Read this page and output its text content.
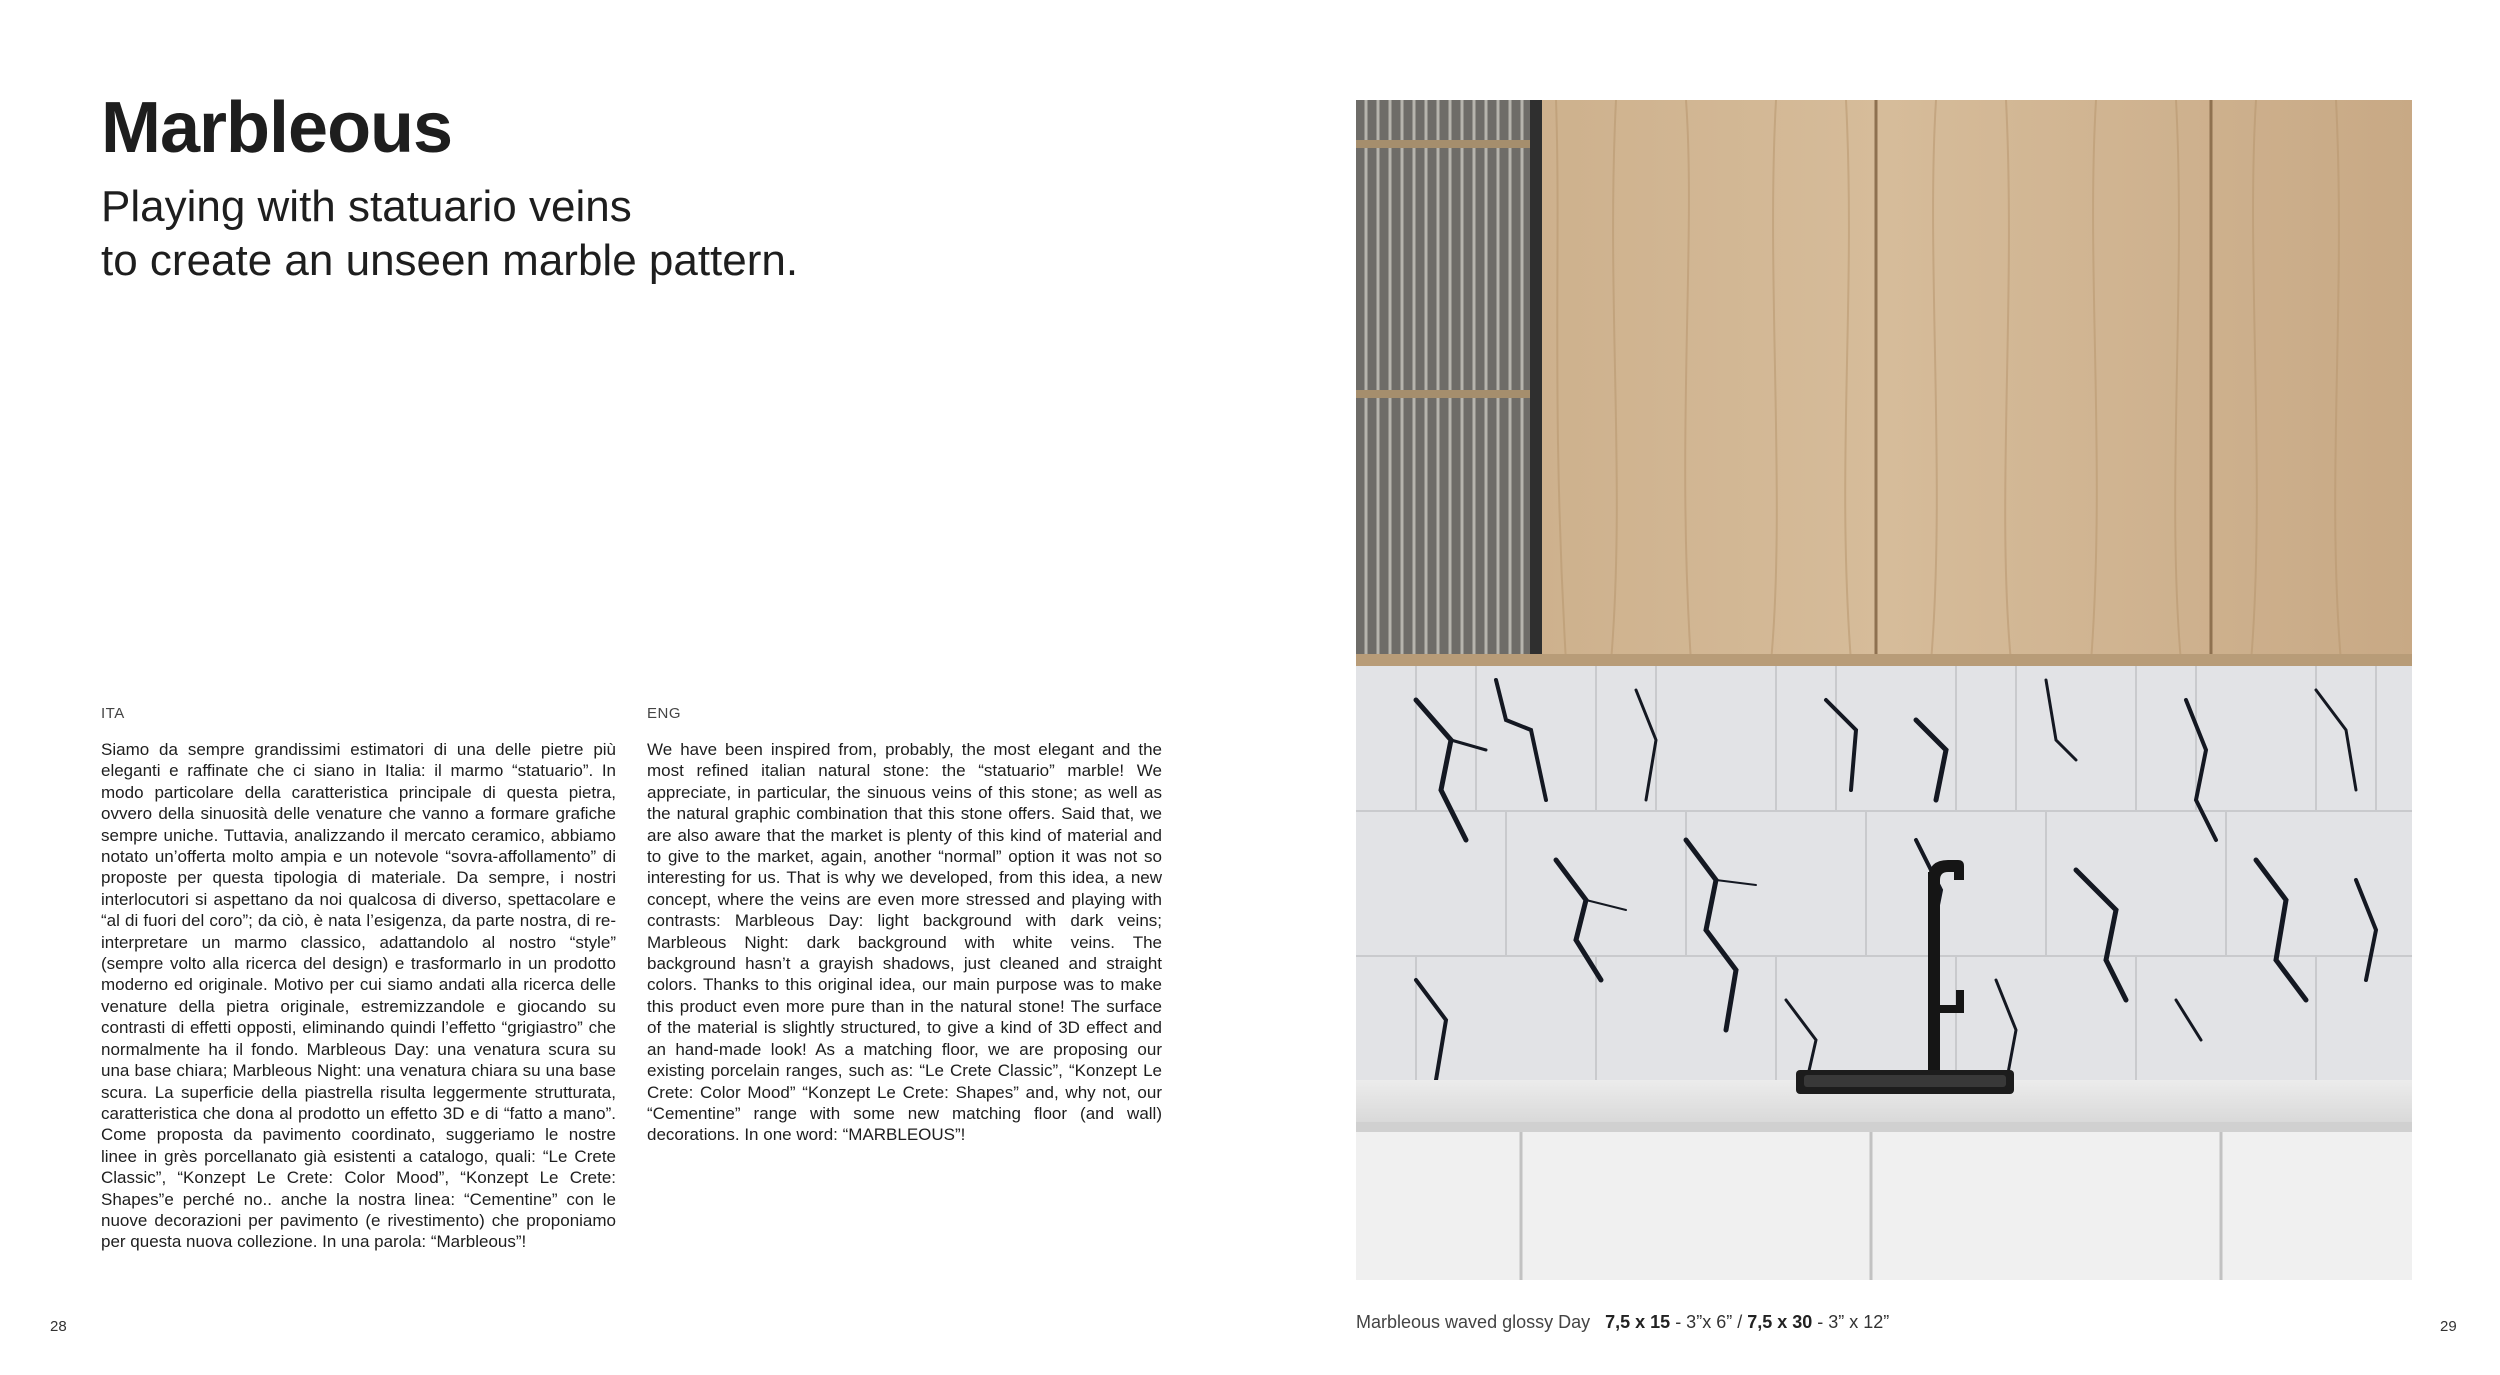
Marbleous
Playing with statuario veins
to create an unseen marble pattern.
ITA

Siamo da sempre grandissimi estimatori di una delle pietre più eleganti e raffinate che ci siano in Italia: il marmo “statuario”. In modo particolare della caratteristica principale di questa pietra, ovvero della sinuosità delle venature che vanno a formare grafiche sempre uniche. Tuttavia, analizzando il mercato ceramico, abbiamo notato un’offerta molto ampia e un notevole “sovra-affollamento” di proposte per questa tipologia di materiale. Da sempre, i nostri interlocutori si aspettano da noi qualcosa di diverso, spettacolare e “al di fuori del coro”; da ciò, è nata l’esigenza, da parte nostra, di re-interpretare un marmo classico, adattandolo al nostro “style” (sempre volto alla ricerca del design) e trasformarlo in un prodotto moderno ed originale. Motivo per cui siamo andati alla ricerca delle venature della pietra originale, estremizzandole e giocando su contrasti di effetti opposti, eliminando quindi l’effetto “grigiastro” che normalmente ha il fondo. Marbleous Day: una venatura scura su una base chiara; Marbleous Night: una venatura chiara su una base scura. La superficie della piastrella risulta leggermente strutturata, caratteristica che dona al prodotto un effetto 3D e di “fatto a mano”. Come proposta da pavimento coordinato, suggeriamo le nostre linee in grès porcellanato già esistenti a catalogo, quali: “Le Crete Classic”, “Konzept Le Crete: Color Mood”, “Konzept Le Crete: Shapes”e perché no.. anche la nostra linea: “Cementine” con le nuove decorazioni per pavimento (e rivestimento) che proponiamo per questa nuova collezione. In una parola: “Marbleous”!

ENG

We have been inspired from, probably, the most elegant and the most refined italian natural stone: the “statuario” marble! We appreciate, in particular, the sinuous veins of this stone; as well as the natural graphic combination that this stone offers. Said that, we are also aware that the market is plenty of this kind of material and to give to the market, again, another “normal” option it was not so interesting for us. That is why we developed, from this idea, a new concept, where the veins are even more stressed and playing with contrasts: Marbleous Day: light background with dark veins; Marbleous Night: dark background with white veins. The background hasn’t a grayish shadows, just cleaned and straight colors. Thanks to this original idea, our main purpose was to make this product even more pure than in the natural stone! The surface of the material is slightly structured, to give a kind of 3D effect and an hand-made look! As a matching floor, we are proposing our existing porcelain ranges, such as: “Le Crete Classic”, “Konzept Le Crete: Color Mood” “Konzept Le Crete: Shapes” and, why not, our “Cementine” range with some new matching floor (and wall) decorations. In one word: “MARBLEOUS”!

Marbleous waved glossy Day 7,5 x 15 - 3”x 6” / 7,5 x 30 - 3” x 12”
28	29
